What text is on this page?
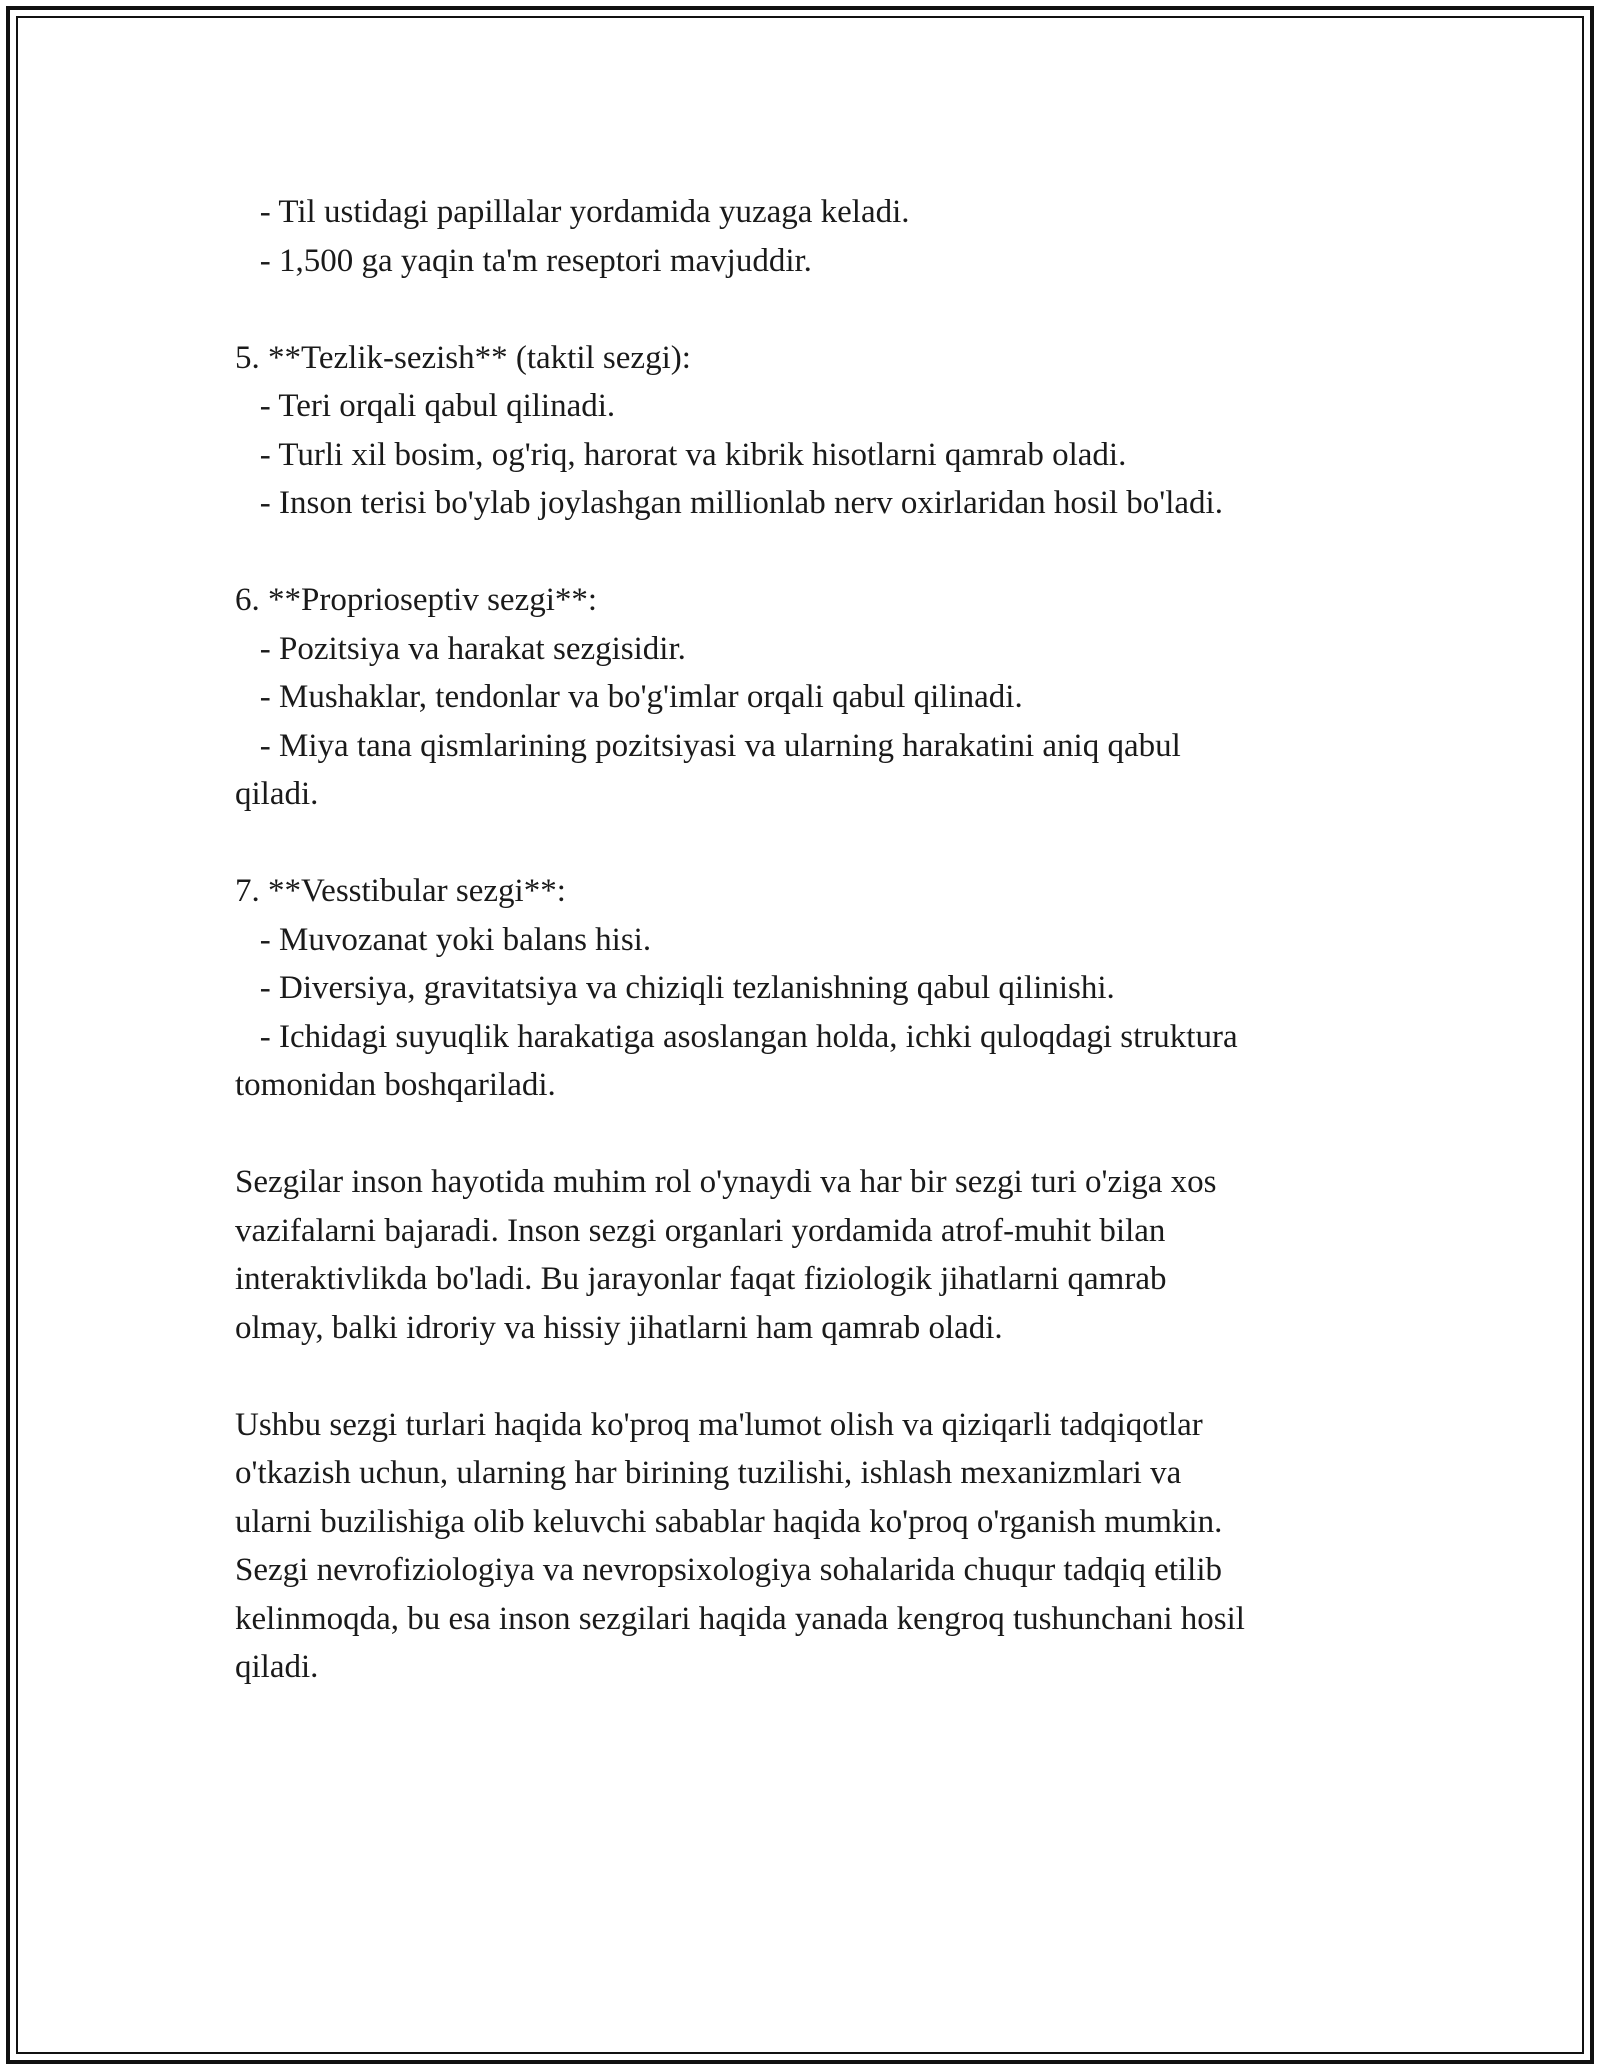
- Til ustidagi papillalar yordamida yuzaga keladi.
- 1,500 ga yaqin ta'm reseptori mavjuddir.
5. **Tezlik-sezish** (taktil sezgi):
- Teri orqali qabul qilinadi.
- Turli xil bosim, og'riq, harorat va kibrik hisotlarni qamrab oladi.
- Inson terisi bo'ylab joylashgan millionlab nerv oxirlaridan hosil bo'ladi.
6. **Proprioseptiv sezgi**:
- Pozitsiya va harakat sezgisidir.
- Mushaklar, tendonlar va bo'g'imlar orqali qabul qilinadi.
- Miya tana qismlarining pozitsiyasi va ularning harakatini aniq qabul
qiladi.
7. **Vesstibular sezgi**:
- Muvozanat yoki balans hisi.
- Diversiya, gravitatsiya va chiziqli tezlanishning qabul qilinishi.
- Ichidagi suyuqlik harakatiga asoslangan holda, ichki quloqdagi struktura
tomonidan boshqariladi.
Sezgilar inson hayotida muhim rol o'ynaydi va har bir sezgi turi o'ziga xos
vazifalarni bajaradi. Inson sezgi organlari yordamida atrof-muhit bilan
interaktivlikda bo'ladi. Bu jarayonlar faqat fiziologik jihatlarni qamrab
olmay, balki idroriy va hissiy jihatlarni ham qamrab oladi.
Ushbu sezgi turlari haqida ko'proq ma'lumot olish va qiziqarli tadqiqotlar
o'tkazish uchun, ularning har birining tuzilishi, ishlash mexanizmlari va
ularni buzilishiga olib keluvchi sabablar haqida ko'proq o'rganish mumkin.
Sezgi nevrofiziologiya va nevropsixologiya sohalarida chuqur tadqiq etilib
kelinmoqda, bu esa inson sezgilari haqida yanada kengroq tushunchani hosil
qiladi.
